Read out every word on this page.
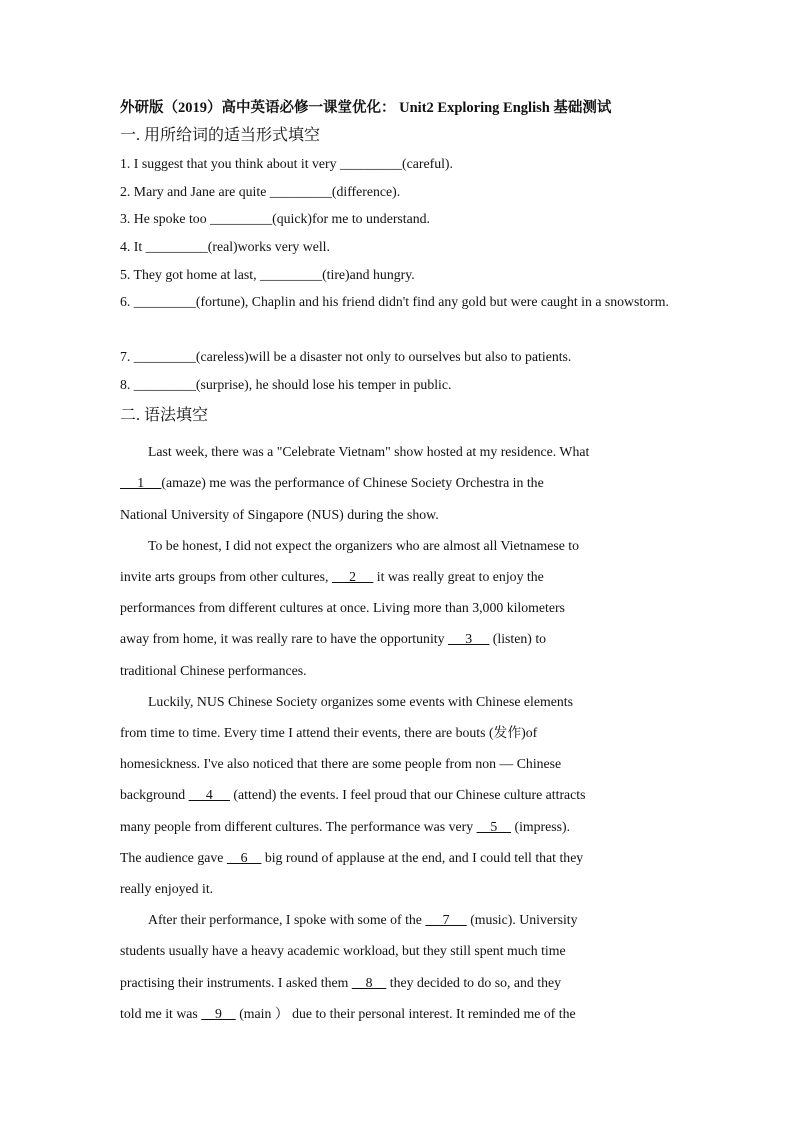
外研版（2019）高中英语必修一课堂优化： Unit2 Exploring English 基础测试
一. 用所给词的适当形式填空
1. I suggest that you think about it very _________(careful).
2. Mary and Jane are quite _________(difference).
3. He spoke too _________(quick)for me to understand.
4. It _________(real)works very well.
5. They got home at last, _________(tire)and hungry.
6. _________(fortune), Chaplin and his friend didn't find any gold but were caught in a snowstorm.
7. _________(careless)will be a disaster not only to ourselves but also to patients.
8. _________(surprise), he should lose his temper in public.
二. 语法填空
Last week, there was a "Celebrate Vietnam" show hosted at my residence. What
1     (amaze) me was the performance of Chinese Society Orchestra in the
National University of Singapore (NUS) during the show.
To be honest, I did not expect the organizers who are almost all Vietnamese to
invite arts groups from other cultures,      2      it was really great to enjoy the
performances from different cultures at once. Living more than 3,000 kilometers
away from home, it was really rare to have the opportunity      3      (listen) to
traditional Chinese performances.
Luckily, NUS Chinese Society organizes some events with Chinese elements
from time to time. Every time I attend their events, there are bouts (发作)of
homesickness. I've also noticed that there are some people from non — Chinese
background      4      (attend) the events. I feel proud that our Chinese culture attracts
many people from different cultures. The performance was very     5     (impress).
The audience gave     6     big round of applause at the end, and I could tell that they
really enjoyed it.
After their performance, I spoke with some of the      7      (music). University
students usually have a heavy academic workload, but they still spent much time
practising their instruments. I asked them     8     they decided to do so, and they
told me it was     9     (main ） due to their personal interest. It reminded me of the
